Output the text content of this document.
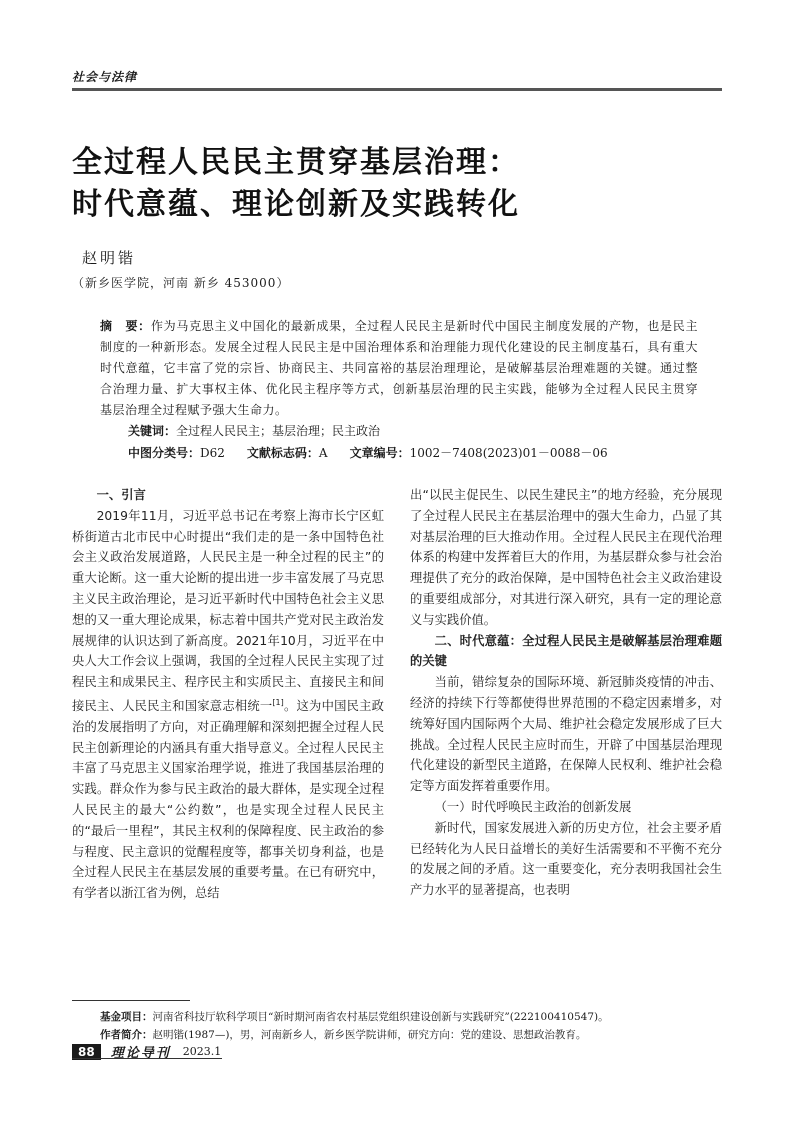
社会与法律
全过程人民民主贯穿基层治理：
时代意蕴、理论创新及实践转化
赵明锴
（新乡医学院，河南 新乡 453000）
摘　要：作为马克思主义中国化的最新成果，全过程人民民主是新时代中国民主制度发展的产物，也是民主制度的一种新形态。发展全过程人民民主是中国治理体系和治理能力现代化建设的民主制度基石，具有重大时代意蕴，它丰富了党的宗旨、协商民主、共同富裕的基层治理理论，是破解基层治理难题的关键。通过整合治理力量、扩大事权主体、优化民主程序等方式，创新基层治理的民主实践，能够为全过程人民民主贯穿基层治理全过程赋予强大生命力。
关键词：全过程人民民主；基层治理；民主政治
中图分类号：D62 文献标志码：A 文章编号：1002－7408(2023)01－0088－06

一、引言

2019年11月，习近平总书记在考察上海市长宁区虹桥街道古北市民中心时提出“我们走的是一条中国特色社会主义政治发展道路，人民民主是一种全过程的民主”的重大论断。这一重大论断的提出进一步丰富发展了马克思主义民主政治理论，是习近平新时代中国特色社会主义思想的又一重大理论成果，标志着中国共产党对民主政治发展规律的认识达到了新高度。2021年10月，习近平在中央人大工作会议上强调，我国的全过程人民民主实现了过程民主和成果民主、程序民主和实质民主、直接民主和间接民主、人民民主和国家意志相统一[1]。这为中国民主政治的发展指明了方向，对正确理解和深刻把握全过程人民民主创新理论的内涵具有重大指导意义。全过程人民民主丰富了马克思主义国家治理学说，推进了我国基层治理的实践。群众作为参与民主政治的最大群体，是实现全过程人民民主的最大“公约数”，也是实现全过程人民民主的“最后一里程”，其民主权利的保障程度、民主政治的参与程度、民主意识的觉醒程度等，都事关切身利益，也是全过程人民民主在基层发展的重要考量。在已有研究中，有学者以浙江省为例，总结

出“以民主促民生、以民生建民主”的地方经验，充分展现了全过程人民民主在基层治理中的强大生命力，凸显了其对基层治理的巨大推动作用。全过程人民民主在现代治理体系的构建中发挥着巨大的作用，为基层群众参与社会治理提供了充分的政治保障，是中国特色社会主义政治建设的重要组成部分，对其进行深入研究，具有一定的理论意义与实践价值。

二、时代意蕴：全过程人民民主是破解基层治理难题的关键

当前，错综复杂的国际环境、新冠肺炎疫情的冲击、经济的持续下行等都使得世界范围的不稳定因素增多，对统筹好国内国际两个大局、维护社会稳定发展形成了巨大挑战。全过程人民民主应时而生，开辟了中国基层治理现代化建设的新型民主道路，在保障人民权利、维护社会稳定等方面发挥着重要作用。

（一）时代呼唤民主政治的创新发展

新时代，国家发展进入新的历史方位，社会主要矛盾已经转化为人民日益增长的美好生活需要和不平衡不充分的发展之间的矛盾。这一重要变化，充分表明我国社会生产力水平的显著提高，也表明

基金项目：河南省科技厅软科学项目“新时期河南省农村基层党组织建设创新与实践研究”(222100410547)。
作者简介：赵明锴(1987—)，男，河南新乡人，新乡医学院讲师，研究方向：党的建设、思想政治教育。
88	理论导刊 2023.1
